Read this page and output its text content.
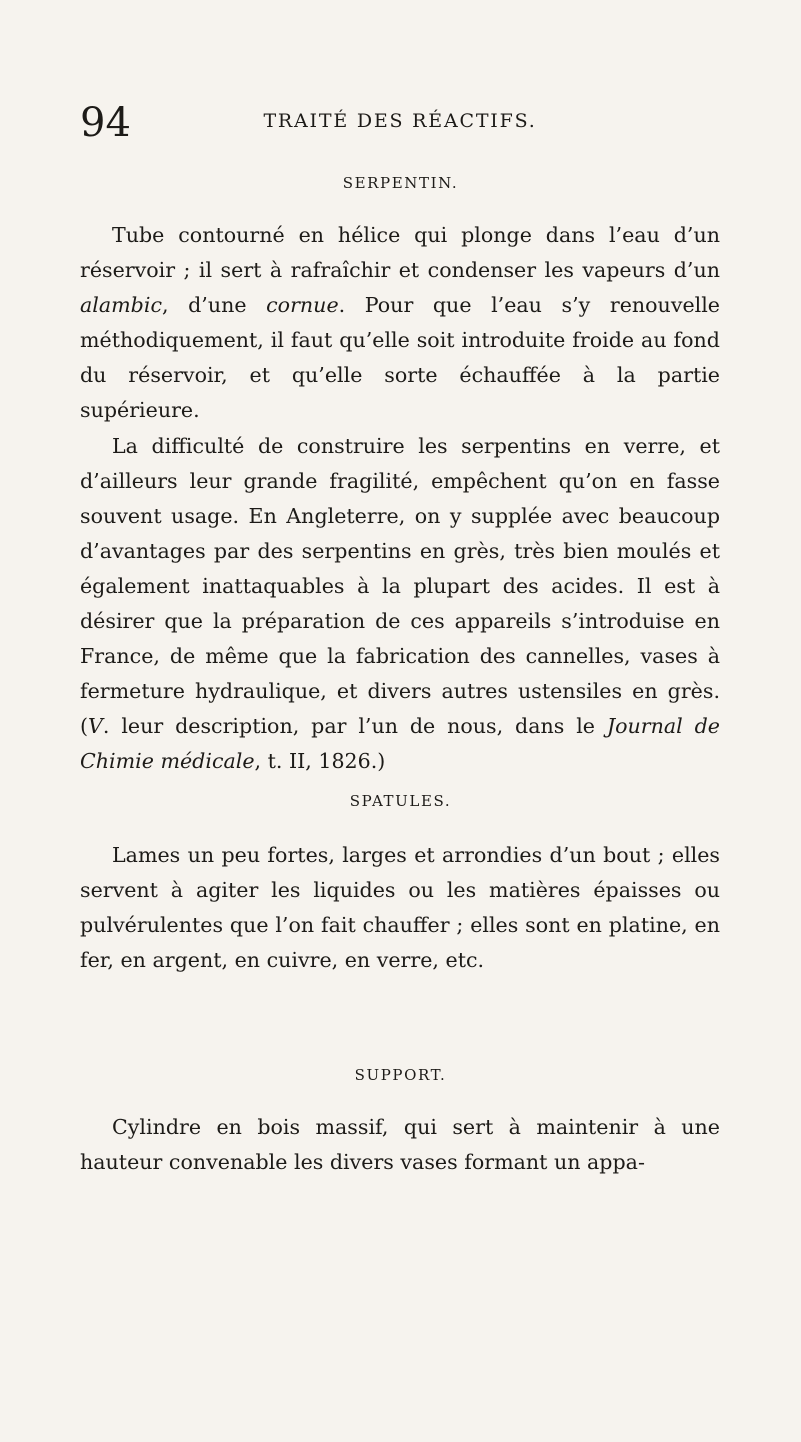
94	TRAITÉ DES RÉACTIFS.
SERPENTIN.

Tube contourné en hélice qui plonge dans l’eau d’un réservoir ; il sert à rafraîchir et condenser les vapeurs d’un alambic, d’une cornue. Pour que l’eau s’y renouvelle méthodiquement, il faut qu’elle soit introduite froide au fond du réservoir, et qu’elle sorte échauffée à la partie supérieure.

La difficulté de construire les serpentins en verre, et d’ailleurs leur grande fragilité, empêchent qu’on en fasse souvent usage. En Angleterre, on y supplée avec beaucoup d’avantages par des serpentins en grès, très bien moulés et également inattaquables à la plupart des acides. Il est à désirer que la préparation de ces appareils s’introduise en France, de même que la fabrication des cannelles, vases à fermeture hydraulique, et divers autres ustensiles en grès. (V. leur description, par l’un de nous, dans le Journal de Chimie médicale, t. II, 1826.)

SPATULES.

Lames un peu fortes, larges et arrondies d’un bout ; elles servent à agiter les liquides ou les matières épaisses ou pulvérulentes que l’on fait chauffer ; elles sont en platine, en fer, en argent, en cuivre, en verre, etc.

SUPPORT.

Cylindre en bois massif, qui sert à maintenir à une hauteur convenable les divers vases formant un appa-
